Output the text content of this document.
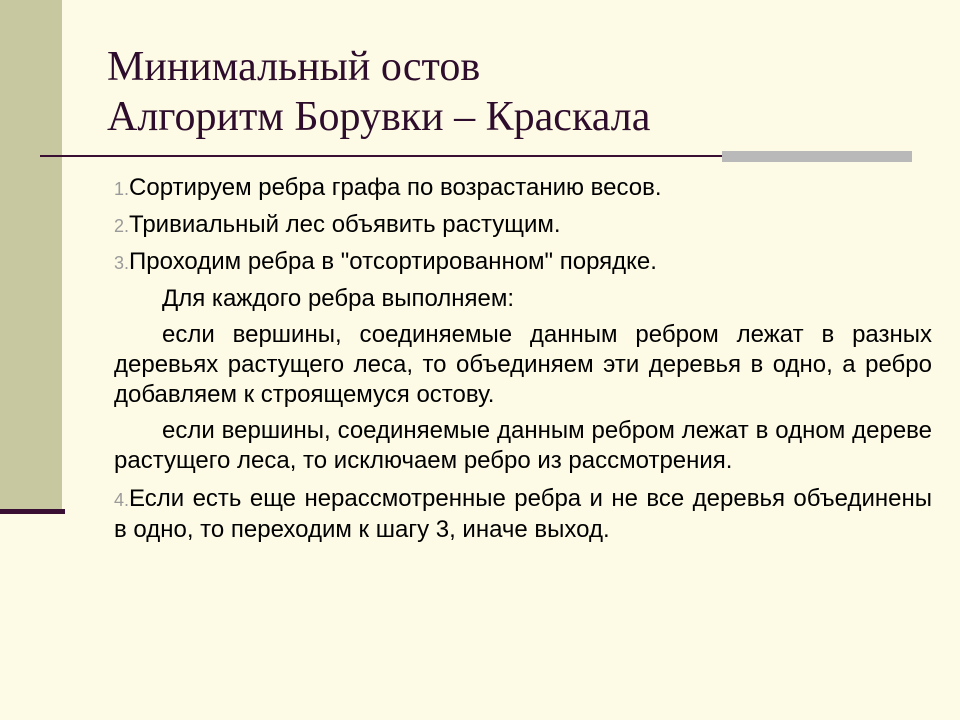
Минимальный остов
Алгоритм Борувки – Краскала

1.Сортируем ребра графа по возрастанию весов.

2.Тривиальный лес объявить растущим.

3.Проходим ребра в "отсортированном" порядке.

Для каждого ребра выполняем:

если вершины, соединяемые данным ребром лежат в разных деревьях растущего леса, то объединяем эти деревья в одно, а ребро добавляем к строящемуся остову.

если вершины, соединяемые данным ребром лежат в одном дереве растущего леса, то исключаем ребро из рассмотрения.

4.Если есть еще нерассмотренные ребра и не все деревья объединены в одно, то переходим к шагу 3, иначе выход.
